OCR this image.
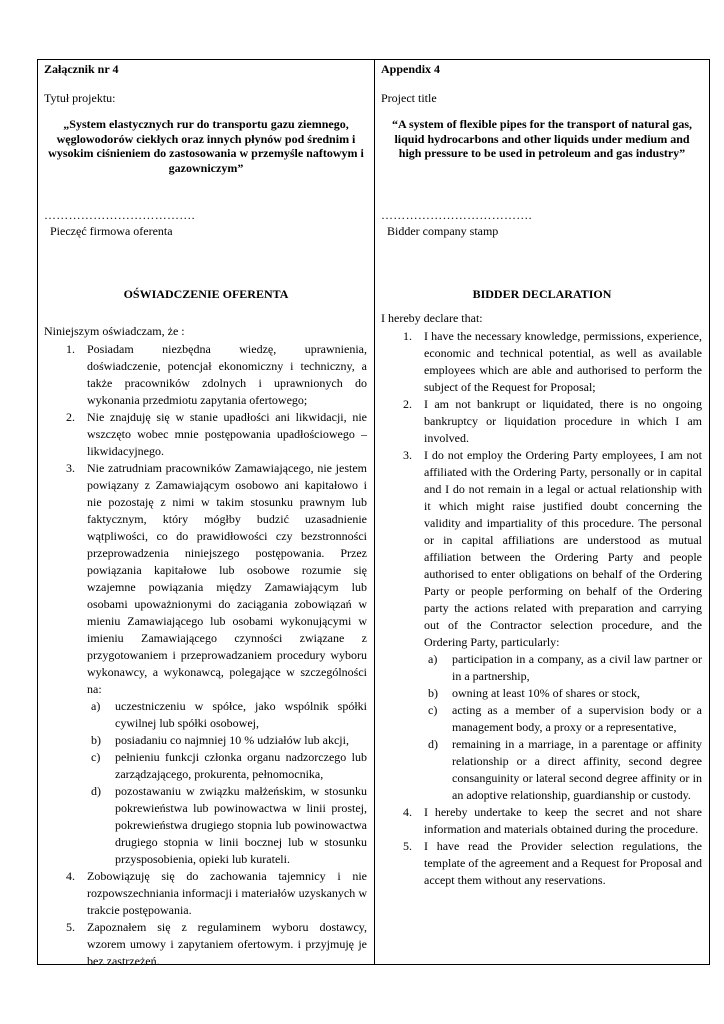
Załącznik nr 4
Tytuł projektu:
„System elastycznych rur do transportu gazu ziemnego, węglowodorów ciekłych oraz innych płynów pod średnim i wysokim ciśnieniem do zastosowania w przemyśle naftowym i gazowniczym”
……………………………….
Pieczęć firmowa oferenta
OŚWIADCZENIE OFERENTA
Niniejszym oświadczam, że :
1. Posiadam niezbędna wiedzę, uprawnienia, doświadczenie, potencjał ekonomiczny i techniczny, a także pracowników zdolnych i uprawnionych do wykonania przedmiotu zapytania ofertowego;
2. Nie znajduję się w stanie upadłości ani likwidacji, nie wszczęto wobec mnie postępowania upadłościowego – likwidacyjnego.
3. Nie zatrudniam pracowników Zamawiającego, nie jestem powiązany z Zamawiającym osobowo ani kapitałowo i nie pozostaję z nimi w takim stosunku prawnym lub faktycznym, który mógłby budzić uzasadnienie wątpliwości, co do prawidłowości czy bezstronności przeprowadzenia niniejszego postępowania. Przez powiązania kapitałowe lub osobowe rozumie się wzajemne powiązania między Zamawiającym lub osobami upoważnionymi do zaciągania zobowiązań w mieniu Zamawiającego lub osobami wykonującymi w imieniu Zamawiającego czynności związane z przygotowaniem i przeprowadzaniem procedury wyboru wykonawcy, a wykonawcą, polegające w szczególności na:
a) uczestniczeniu w spółce, jako wspólnik spółki cywilnej lub spółki osobowej,
b) posiadaniu co najmniej 10 % udziałów lub akcji,
c) pełnieniu funkcji członka organu nadzorczego lub zarządzającego, prokurenta, pełnomocnika,
d) pozostawaniu w związku małżeńskim, w stosunku pokrewieństwa lub powinowactwa w linii prostej, pokrewieństwa drugiego stopnia lub powinowactwa drugiego stopnia w linii bocznej lub w stosunku przysposobienia, opieki lub kurateli.
4. Zobowiązuję się do zachowania tajemnicy i nie rozpowszechniania informacji i materiałów uzyskanych w trakcie postępowania.
5. Zapoznałem się z regulaminem wyboru dostawcy, wzorem umowy i zapytaniem ofertowym. i przyjmuję je bez zastrzeżeń.
Appendix 4
Project title
“A system of flexible pipes for the transport of natural gas, liquid hydrocarbons and other liquids under medium and high pressure to be used in petroleum and gas industry”
……………………………….
Bidder company stamp
BIDDER DECLARATION
I hereby declare that:
1. I have the necessary knowledge, permissions, experience, economic and technical potential, as well as available employees which are able and authorised to perform the subject of the Request for Proposal;
2. I am not bankrupt or liquidated, there is no ongoing bankruptcy or liquidation procedure in which I am involved.
3. I do not employ the Ordering Party employees, I am not affiliated with the Ordering Party, personally or in capital and I do not remain in a legal or actual relationship with it which might raise justified doubt concerning the validity and impartiality of this procedure. The personal or in capital affiliations are understood as mutual affiliation between the Ordering Party and people authorised to enter obligations on behalf of the Ordering Party or people performing on behalf of the Ordering party the actions related with preparation and carrying out of the Contractor selection procedure, and the Ordering Party, particularly:
a) participation in a company, as a civil law partner or in a partnership,
b) owning at least 10% of shares or stock,
c) acting as a member of a supervision body or a management body, a proxy or a representative,
d) remaining in a marriage, in a parentage or affinity relationship or a direct affinity, second degree consanguinity or lateral second degree affinity or in an adoptive relationship, guardianship or custody.
4. I hereby undertake to keep the secret and not share information and materials obtained during the procedure.
5. I have read the Provider selection regulations, the template of the agreement and a Request for Proposal and accept them without any reservations.
